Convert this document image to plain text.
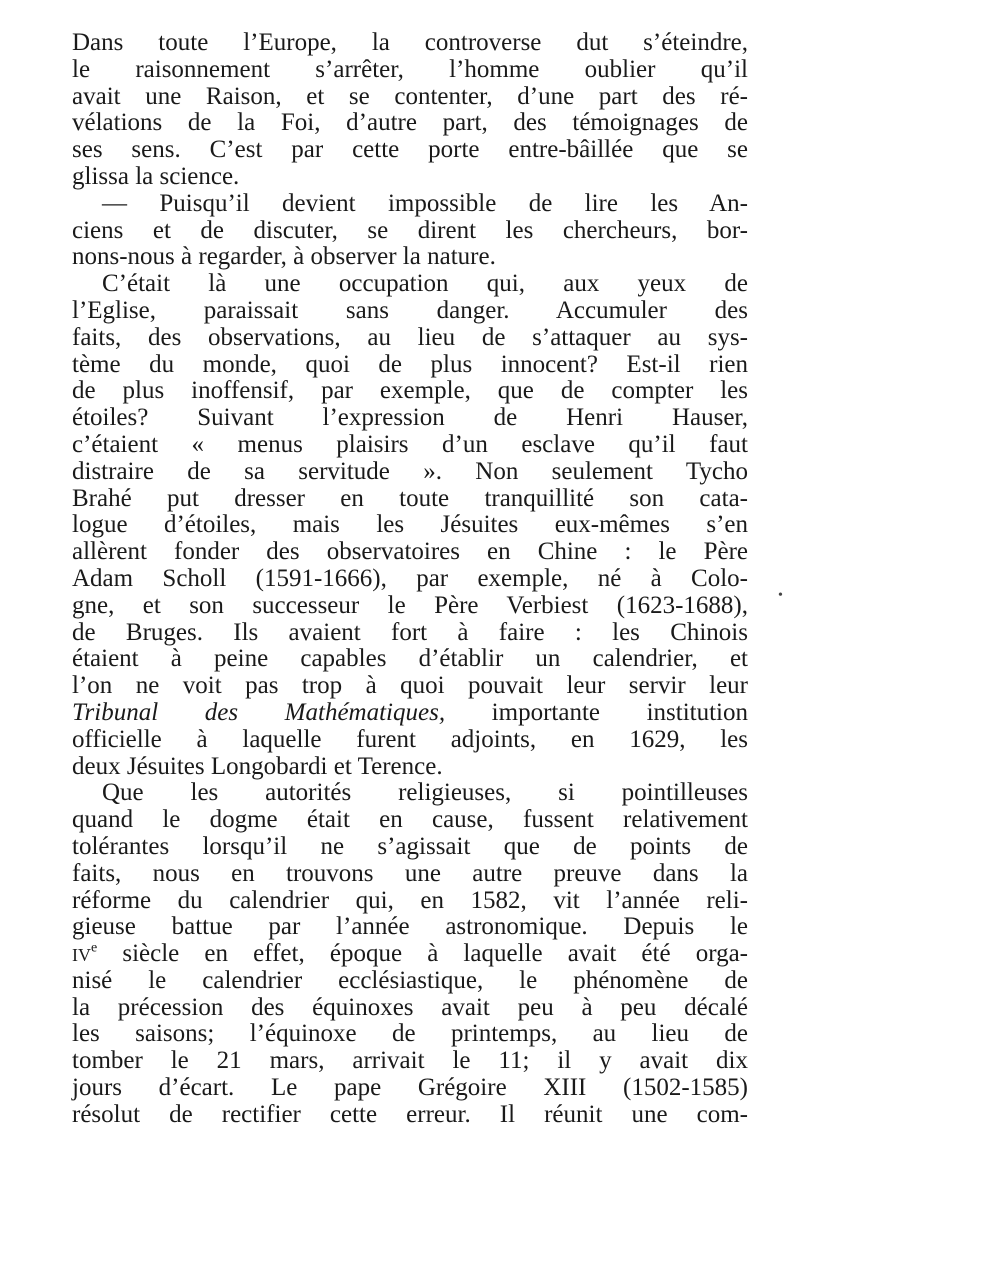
Dans toute l’Europe, la controverse dut s’éteindre,
le raisonnement s’arrêter, l’homme oublier qu’il
avait une Raison, et se contenter, d’une part des ré-
vélations de la Foi, d’autre part, des témoignages de
ses sens. C’est par cette porte entre-bâillée que se
glissa la science.
— Puisqu’il devient impossible de lire les An-
ciens et de discuter, se dirent les chercheurs, bor-
nons-nous à regarder, à observer la nature.
C’était là une occupation qui, aux yeux de
l’Eglise, paraissait sans danger. Accumuler des
faits, des observations, au lieu de s’attaquer au sys-
tème du monde, quoi de plus innocent? Est-il rien
de plus inoffensif, par exemple, que de compter les
étoiles? Suivant l’expression de Henri Hauser,
c’étaient « menus plaisirs d’un esclave qu’il faut
distraire de sa servitude ». Non seulement Tycho
Brahé put dresser en toute tranquillité son cata-
logue d’étoiles, mais les Jésuites eux-mêmes s’en
allèrent fonder des observatoires en Chine : le Père
Adam Scholl (1591-1666), par exemple, né à Colo-
gne, et son successeur le Père Verbiest (1623-1688),
de Bruges. Ils avaient fort à faire : les Chinois
étaient à peine capables d’établir un calendrier, et
l’on ne voit pas trop à quoi pouvait leur servir leur
Tribunal des Mathématiques, importante institution
officielle à laquelle furent adjoints, en 1629, les
deux Jésuites Longobardi et Terence.
Que les autorités religieuses, si pointilleuses
quand le dogme était en cause, fussent relativement
tolérantes lorsqu’il ne s’agissait que de points de
faits, nous en trouvons une autre preuve dans la
réforme du calendrier qui, en 1582, vit l’année reli-
gieuse battue par l’année astronomique. Depuis le
$iv^e$ siècle en effet, époque à laquelle avait été orga-
nisé le calendrier ecclésiastique, le phénomène de
la précession des équinoxes avait peu à peu décalé
les saisons; l’équinoxe de printemps, au lieu de
tomber le 21 mars, arrivait le 11; il y avait dix
jours d’écart. Le pape Grégoire XIII (1502-1585)
résolut de rectifier cette erreur. Il réunit une com-
•
